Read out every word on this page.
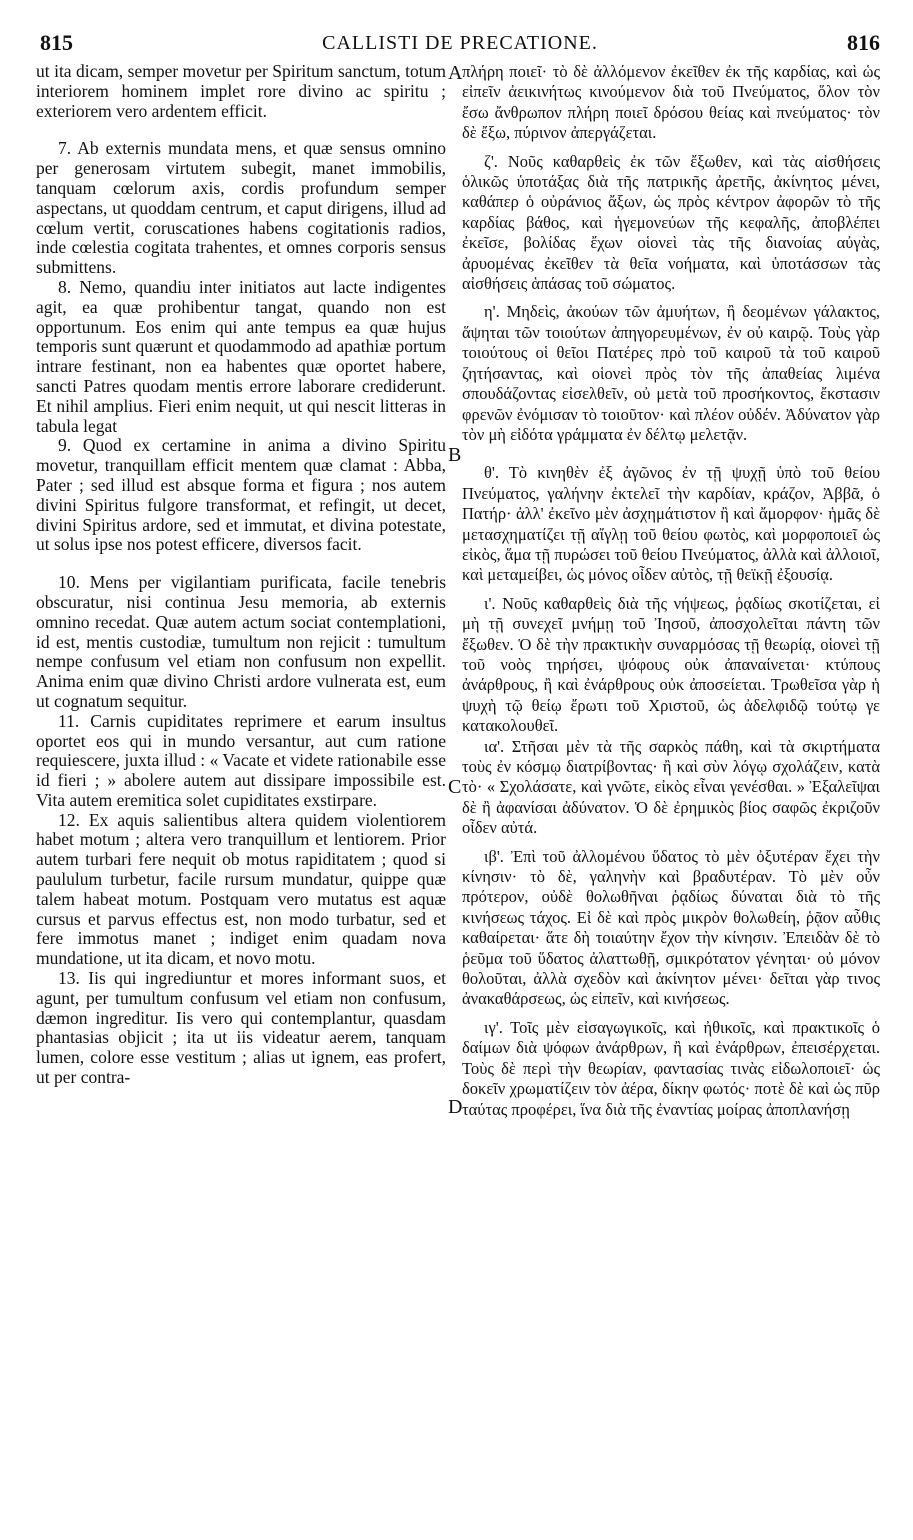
815	CALLISTI DE PRECATIONE.	816

ut ita dicam, semper movetur per Spiritum sanctum, totum interiorem hominem implet rore divino ac spiritu ; exteriorem vero ardentem efficit.

7. Ab externis mundata mens, et quæ sensus omnino per generosam virtutem subegit, manet immobilis, tanquam cœlorum axis, cordis profundum semper aspectans, ut quoddam centrum, et caput dirigens, illud ad cœlum vertit, coruscationes habens cogitationis radios, inde cœlestia cogitata trahentes, et omnes corporis sensus submittens.

8. Nemo, quandiu inter initiatos aut lacte indigentes agit, ea quæ prohibentur tangat, quando non est opportunum. Eos enim qui ante tempus ea quæ hujus temporis sunt quærunt et quodammodo ad apathiæ portum intrare festinant, non ea habentes quæ oportet habere, sancti Patres quodam mentis errore laborare crediderunt. Et nihil amplius. Fieri enim nequit, ut qui nescit litteras in tabula legat

9. Quod ex certamine in anima a divino Spiritu movetur, tranquillam efficit mentem quæ clamat : Abba, Pater ; sed illud est absque forma et figura ; nos autem divini Spiritus fulgore transformat, et refingit, ut decet, divini Spiritus ardore, sed et immutat, et divina potestate, ut solus ipse nos potest efficere, diversos facit.

10. Mens per vigilantiam purificata, facile tenebris obscuratur, nisi continua Jesu memoria, ab externis omnino recedat. Quæ autem actum sociat contemplationi, id est, mentis custodiæ, tumultum non rejicit : tumultum nempe confusum vel etiam non confusum non expellit. Anima enim quæ divino Christi ardore vulnerata est, eum ut cognatum sequitur.

11. Carnis cupiditates reprimere et earum insultus oportet eos qui in mundo versantur, aut cum ratione requiescere, juxta illud : « Vacate et videte rationabile esse id fieri ; » abolere autem aut dissipare impossibile est. Vita autem eremitica solet cupiditates exstirpare.

12. Ex aquis salientibus altera quidem violentiorem habet motum ; altera vero tranquillum et lentiorem. Prior autem turbari fere nequit ob motus rapiditatem ; quod si paululum turbetur, facile rursum mundatur, quippe quæ talem habeat motum. Postquam vero mutatus est aquæ cursus et parvus effectus est, non modo turbatur, sed et fere immotus manet ; indiget enim quadam nova mundatione, ut ita dicam, et novo motu.

13. Iis qui ingrediuntur et mores informant suos, et agunt, per tumultum confusum vel etiam non confusum, dæmon ingreditur. Iis vero qui contemplantur, quasdam phantasias objicit ; ita ut iis videatur aerem, tanquam lumen, colore esse vestitum ; alias ut ignem, eas profert, ut per contra-

A
B
C
D

πλήρη ποιεῖ· τὸ δὲ ἀλλόμενον ἐκεῖθεν ἐκ τῆς καρδίας, καὶ ὡς εἰπεῖν ἀεικινήτως κινούμενον διὰ τοῦ Πνεύματος, ὅλον τὸν ἔσω ἄνθρωπον πλήρη ποιεῖ δρόσου θείας καὶ πνεύματος· τὸν δὲ ἔξω, πύρινον ἀπεργάζεται.

ζ'. Νοῦς καθαρθεὶς ἐκ τῶν ἔξωθεν, καὶ τὰς αἰσθήσεις ὁλικῶς ὑποτάξας διὰ τῆς πατρικῆς ἀρετῆς, ἀκίνητος μένει, καθάπερ ὁ οὐράνιος ἄξων, ὡς πρὸς κέντρον ἀφορῶν τὸ τῆς καρδίας βάθος, καὶ ἡγεμονεύων τῆς κεφαλῆς, ἀποβλέπει ἐκεῖσε, βολίδας ἔχων οἱονεὶ τὰς τῆς διανοίας αὐγὰς, ἀρυομένας ἐκεῖθεν τὰ θεῖα νοήματα, καὶ ὑποτάσσων τὰς αἰσθήσεις ἁπάσας τοῦ σώματος.

η'. Μηδεὶς, ἀκούων τῶν ἀμυήτων, ἢ δεομένων γάλακτος, ἅψηται τῶν τοιούτων ἀπηγορευμένων, ἐν οὐ καιρῷ. Τοὺς γὰρ τοιούτους οἱ θεῖοι Πατέρες πρὸ τοῦ καιροῦ τὰ τοῦ καιροῦ ζητήσαντας, καὶ οἱονεὶ πρὸς τὸν τῆς ἀπαθείας λιμένα σπουδάζοντας εἰσελθεῖν, οὐ μετὰ τοῦ προσήκοντος, ἔκστασιν φρενῶν ἐνόμισαν τὸ τοιοῦτον· καὶ πλέον οὐδέν. Ἀδύνατον γὰρ τὸν μὴ εἰδότα γράμματα ἐν δέλτῳ μελετᾷν.

θ'. Τὸ κινηθὲν ἐξ ἀγῶνος ἐν τῇ ψυχῇ ὑπὸ τοῦ θείου Πνεύματος, γαλήνην ἐκτελεῖ τὴν καρδίαν, κράζον, Ἀββᾶ, ὁ Πατήρ· ἀλλ' ἐκεῖνο μὲν ἀσχημάτιστον ἢ καὶ ἄμορφον· ἡμᾶς δὲ μετασχηματίζει τῇ αἴγλῃ τοῦ θείου φωτὸς, καὶ μορφοποιεῖ ὡς εἰκὸς, ἅμα τῇ πυρώσει τοῦ θείου Πνεύματος, ἀλλὰ καὶ ἀλλοιοῖ, καὶ μεταμείβει, ὡς μόνος οἶδεν αὐτὸς, τῇ θεϊκῇ ἐξουσίᾳ.

ι'. Νοῦς καθαρθεὶς διὰ τῆς νήψεως, ῥᾳδίως σκοτίζεται, εἰ μὴ τῇ συνεχεῖ μνήμῃ τοῦ Ἰησοῦ, ἀποσχολεῖται πάντη τῶν ἔξωθεν. Ὁ δὲ τὴν πρακτικὴν συναρμόσας τῇ θεωρίᾳ, οἱονεὶ τῇ τοῦ νοὸς τηρήσει, ψόφους οὐκ ἀπαναίνεται· κτύπους ἀνάρθρους, ἢ καὶ ἐνάρθρους οὐκ ἀποσείεται. Τρωθεῖσα γὰρ ἡ ψυχὴ τῷ θείῳ ἔρωτι τοῦ Χριστοῦ, ὡς ἀδελφιδῷ τούτῳ γε κατακολουθεῖ.

ια'. Στῆσαι μὲν τὰ τῆς σαρκὸς πάθη, καὶ τὰ σκιρτήματα τοὺς ἐν κόσμῳ διατρίβοντας· ἢ καὶ σὺν λόγῳ σχολάζειν, κατὰ τὸ· « Σχολάσατε, καὶ γνῶτε, εἰκὸς εἶναι γενέσθαι. » Ἐξαλεῖψαι δὲ ἢ ἀφανίσαι ἀδύνατον. Ὁ δὲ ἐρημικὸς βίος σαφῶς ἐκριζοῦν οἶδεν αὐτά.

ιβ'. Ἐπὶ τοῦ ἀλλομένου ὕδατος τὸ μὲν ὀξυτέραν ἔχει τὴν κίνησιν· τὸ δὲ, γαληνὴν καὶ βραδυτέραν. Τὸ μὲν οὖν πρότερον, οὐδὲ θολωθῆναι ῥᾳδίως δύναται διὰ τὸ τῆς κινήσεως τάχος. Εἰ δὲ καὶ πρὸς μικρὸν θολωθείη, ῥᾷον αὖθις καθαίρεται· ἅτε δὴ τοιαύτην ἔχον τὴν κίνησιν. Ἐπειδὰν δὲ τὸ ῥεῦμα τοῦ ὕδατος ἀλαττωθῇ, σμικρότατον γένηται· οὐ μόνον θολοῦται, ἀλλὰ σχεδὸν καὶ ἀκίνητον μένει· δεῖται γὰρ τινος ἀνακαθάρσεως, ὡς εἰπεῖν, καὶ κινήσεως.

ιγ'. Τοῖς μὲν εἰσαγωγικοῖς, καὶ ἠθικοῖς, καὶ πρακτικοῖς ὁ δαίμων διὰ ψόφων ἀνάρθρων, ἢ καὶ ἐνάρθρων, ἐπεισέρχεται. Τοὺς δὲ περὶ τὴν θεωρίαν, φαντασίας τινὰς εἰδωλοποιεῖ· ὡς δοκεῖν χρωματίζειν τὸν ἀέρα, δίκην φωτός· ποτὲ δὲ καὶ ὡς πῦρ ταύτας προφέρει, ἵνα διὰ τῆς ἐναντίας μοίρας ἀποπλανήσῃ
